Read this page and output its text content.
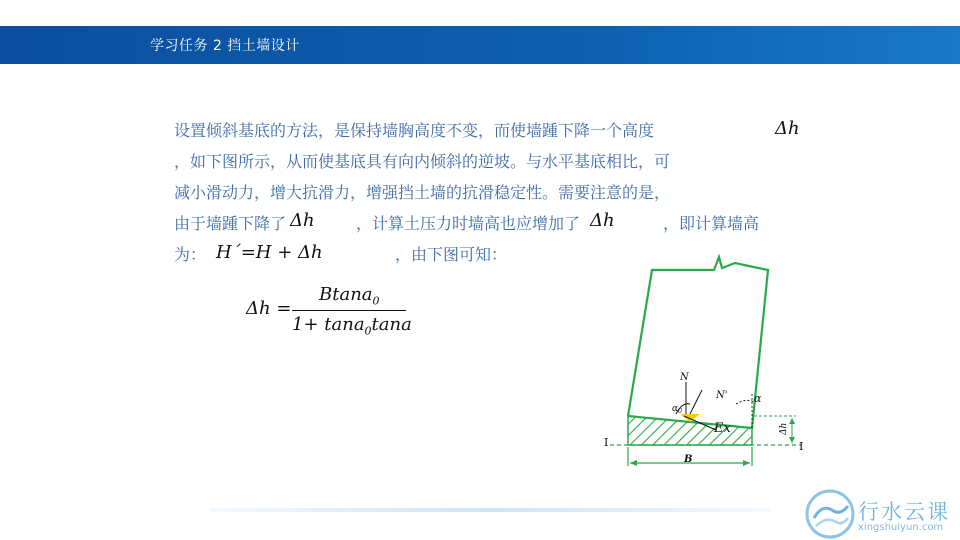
学习任务 2 挡土墙设计
设置倾斜基底的方法，是保持墙胸高度不变，而使墙踵下降一个高度	Δh
，如下图所示，从而使基底具有向内倾斜的逆坡。与水平基底相比，可
减小滑动力，增大抗滑力，增强挡土墙的抗滑稳定性。需要注意的是，
由于墙踵下降了 Δh	，计算土压力时墙高也应增加了 Δh	，即计算墙高
为： H´=H + Δh	，由下图可知：
Δh =
Btana$_0$
1+ tana$_0$tana
N
N' α
$\alpha_0$
Ex
I	I
B
Δh
行水云课
xingshuiyun.com
